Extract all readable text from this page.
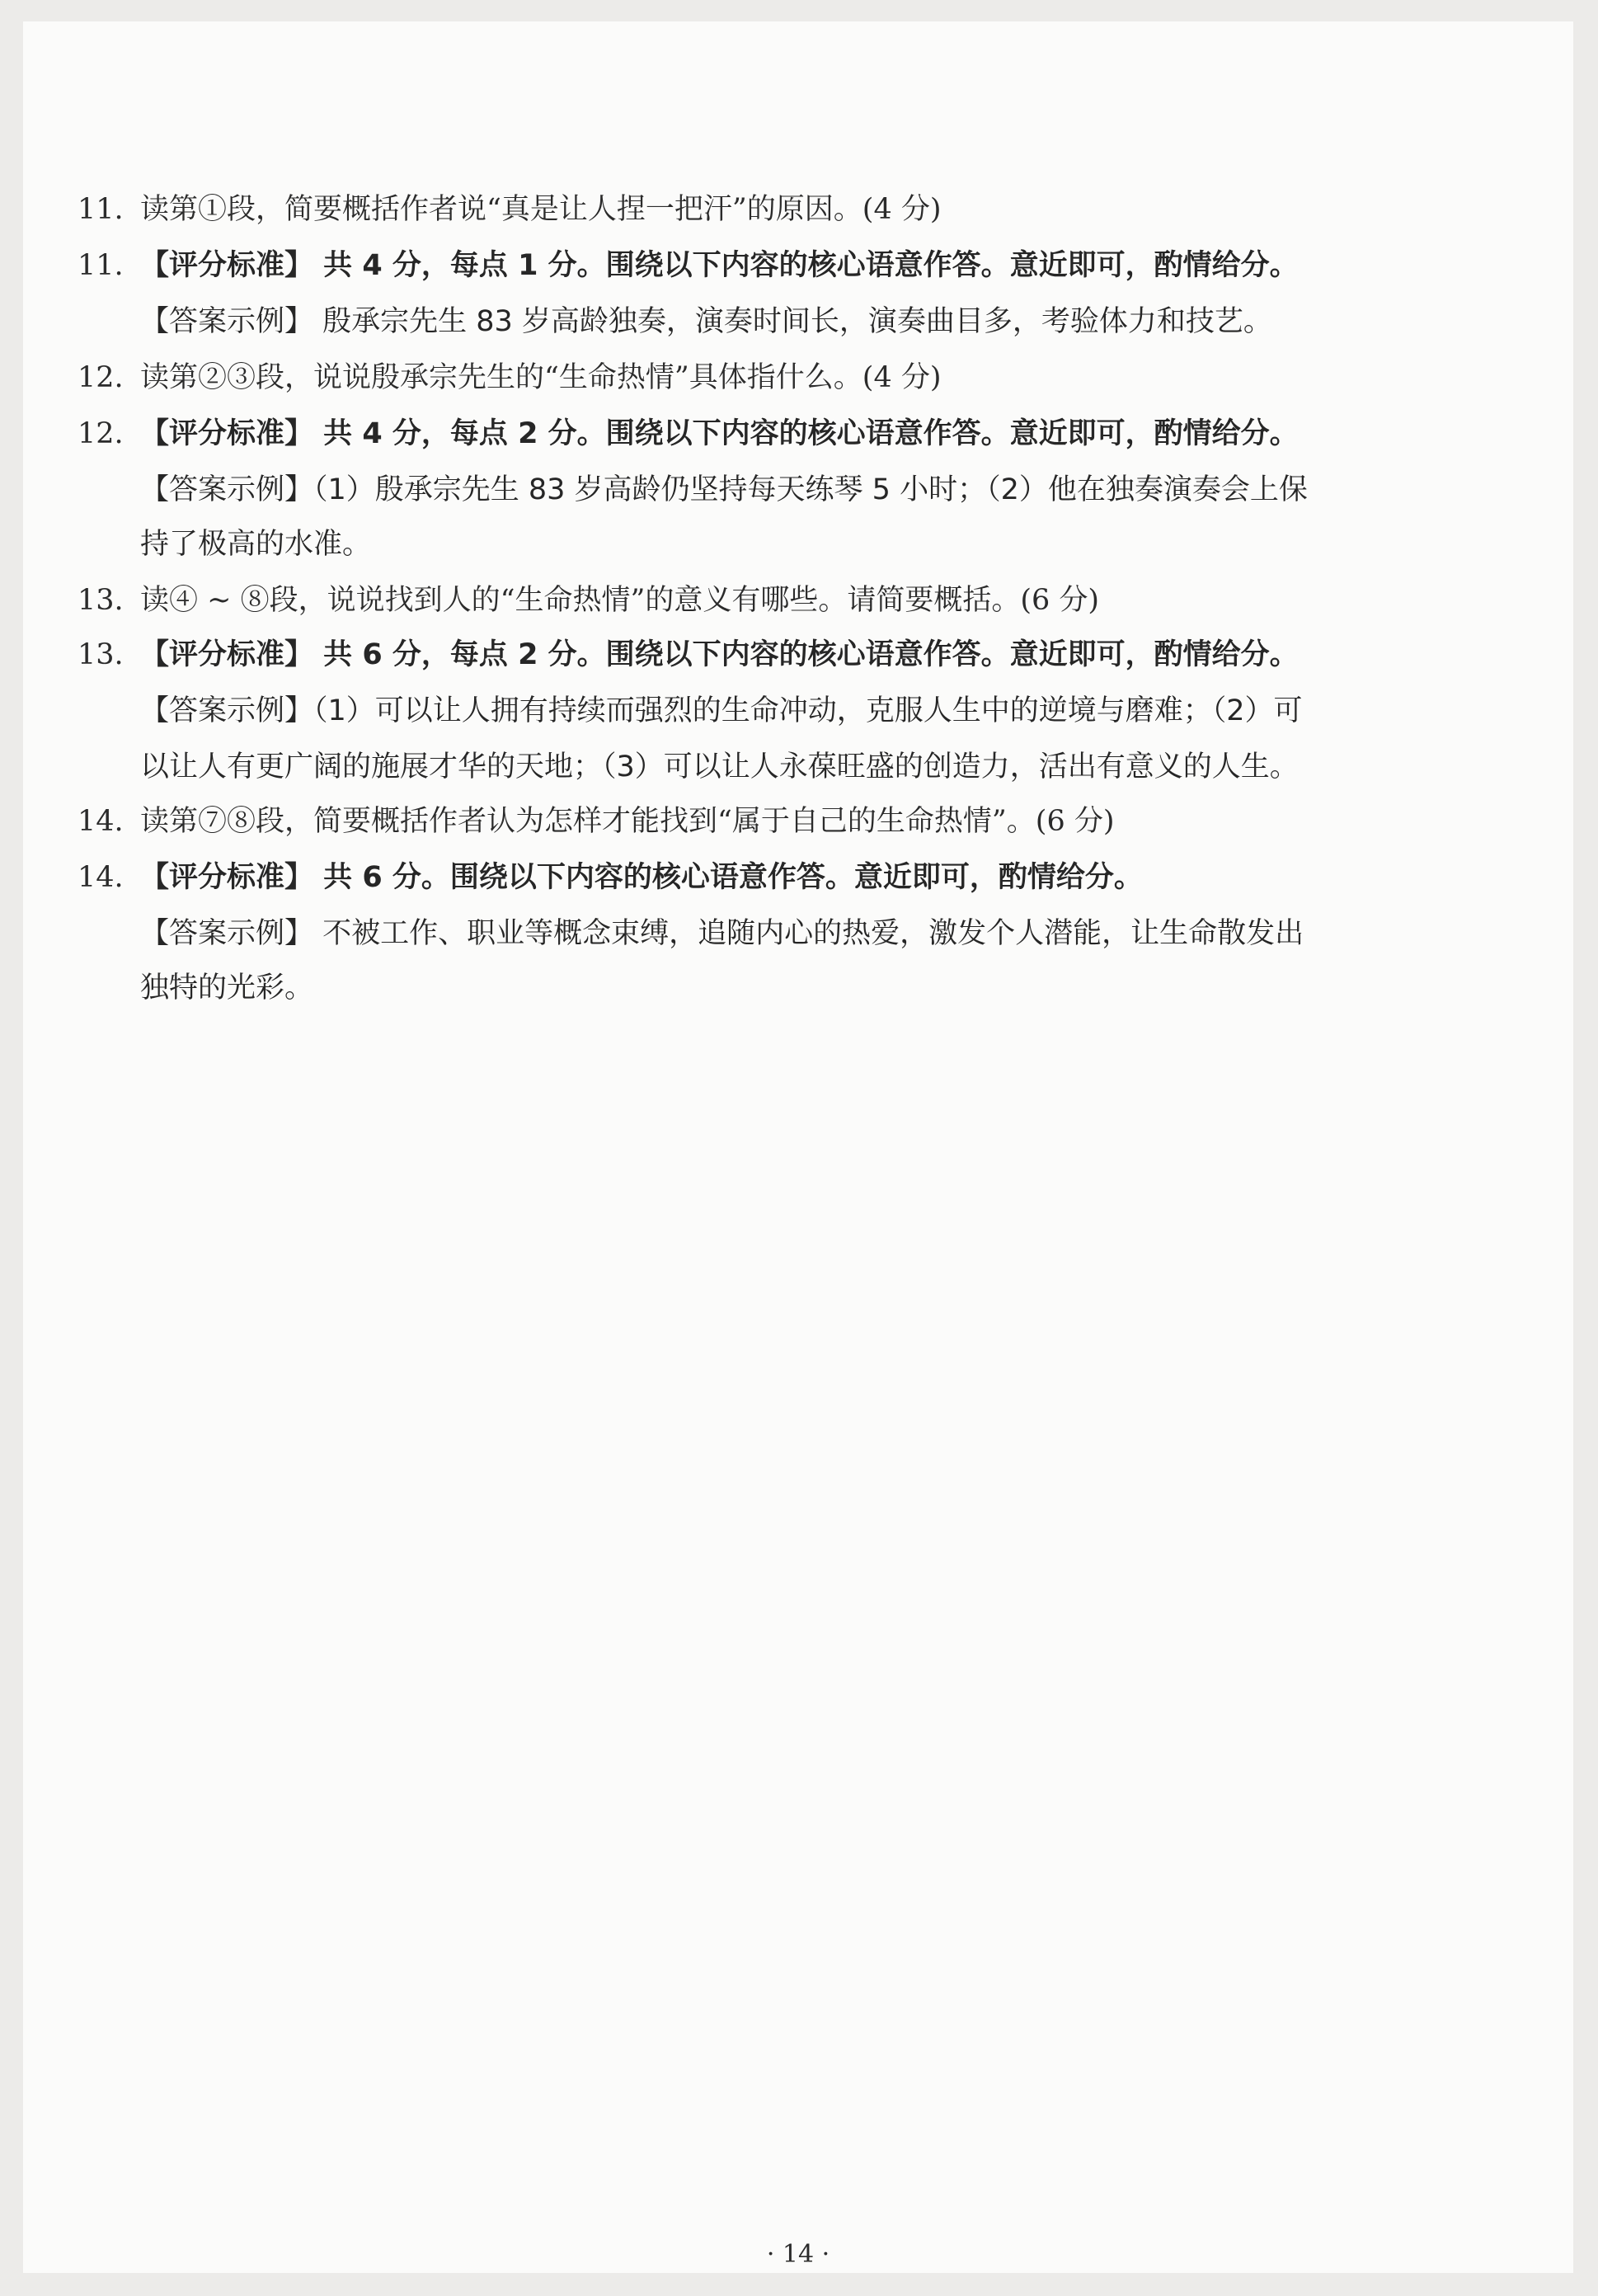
11. 读第①段，简要概括作者说“真是让人捏一把汗”的原因。(4 分)
11. 【评分标准】 共 4 分，每点 1 分。围绕以下内容的核心语意作答。意近即可，酌情给分。
【答案示例】 殷承宗先生 83 岁高龄独奏，演奏时间长，演奏曲目多，考验体力和技艺。
12. 读第②③段，说说殷承宗先生的“生命热情”具体指什么。(4 分)
12. 【评分标准】 共 4 分，每点 2 分。围绕以下内容的核心语意作答。意近即可，酌情给分。
【答案示例】（1）殷承宗先生 83 岁高龄仍坚持每天练琴 5 小时；（2）他在独奏演奏会上保
持了极高的水准。
13. 读④ ~ ⑧段，说说找到人的“生命热情”的意义有哪些。请简要概括。(6 分)
13. 【评分标准】 共 6 分，每点 2 分。围绕以下内容的核心语意作答。意近即可，酌情给分。
【答案示例】（1）可以让人拥有持续而强烈的生命冲动，克服人生中的逆境与磨难；（2）可
以让人有更广阔的施展才华的天地；（3）可以让人永葆旺盛的创造力，活出有意义的人生。
14. 读第⑦⑧段，简要概括作者认为怎样才能找到“属于自己的生命热情”。(6 分)
14. 【评分标准】 共 6 分。围绕以下内容的核心语意作答。意近即可，酌情给分。
【答案示例】 不被工作、职业等概念束缚，追随内心的热爱，激发个人潜能，让生命散发出
独特的光彩。
· 14 ·
